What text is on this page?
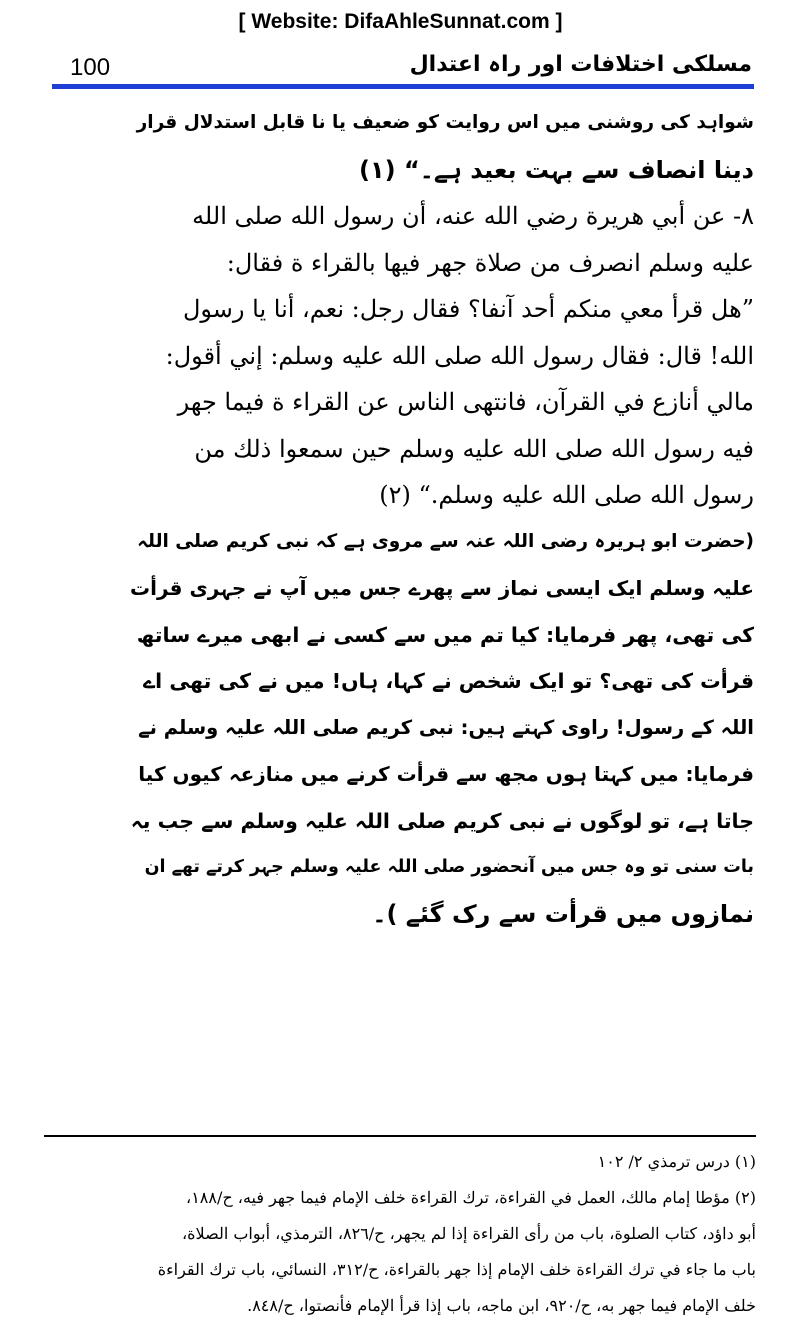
[ Website: DifaAhleSunnat.com ]
100	مسلکی اختلافات اور راہ اعتدال
شواہد کی روشنی میں اس روایت کو ضعیف یا نا قابل استدلال قرار
دینا انصاف سے بہت بعید ہے۔“ (۱)
٨- عن أبي هريرة رضي الله عنه، أن رسول الله صلى الله
عليه وسلم انصرف من صلاة جهر فيها بالقراء ة فقال:
”هل قرأ معي منكم أحد آنفا؟ فقال رجل: نعم، أنا يا رسول
الله! قال: فقال رسول الله صلى الله عليه وسلم: إني أقول:
مالي أنازع في القرآن، فانتهى الناس عن القراء ة فيما جهر
فيه رسول الله صلى الله عليه وسلم حين سمعوا ذلك من
رسول الله صلى الله عليه وسلم.“ (٢)
(حضرت ابو ہریرہ رضی اللہ عنہ سے مروی ہے کہ نبی کریم صلی اللہ
علیہ وسلم ایک ایسی نماز سے پھرے جس میں آپ نے جہری قرأت
کی تھی، پھر فرمایا: کیا تم میں سے کسی نے ابھی میرے ساتھ
قرأت کی تھی؟ تو ایک شخص نے کہا، ہاں! میں نے کی تھی اے
اللہ کے رسول! راوی کہتے ہیں: نبی کریم صلی اللہ علیہ وسلم نے
فرمایا: میں کہتا ہوں مجھ سے قرأت کرنے میں منازعہ کیوں کیا
جاتا ہے، تو لوگوں نے نبی کریم صلی اللہ علیہ وسلم سے جب یہ
بات سنی تو وہ جس میں آنحضور صلی اللہ علیہ وسلم جہر کرتے تھے ان
نمازوں میں قرأت سے رک گئے )۔
(١) درس ترمذي ٢/ ١٠٢
(٢) مؤطا إمام مالك، العمل في القراءة، ترك القراءة خلف الإمام فيما جهر فيه، ح/١٨٨،
أبو داؤد، كتاب الصلوة، باب من رأى القراءة إذا لم يجهر، ح/٨٢٦، الترمذي، أبواب الصلاة،
باب ما جاء في ترك القراءة خلف الإمام إذا جهر بالقراءة، ح/٣١٢، النسائي، باب ترك القراءة
خلف الإمام فيما جهر به، ح/٩٢٠، ابن ماجه، باب إذا قرأ الإمام فأنصتوا، ح/٨٤٨.
